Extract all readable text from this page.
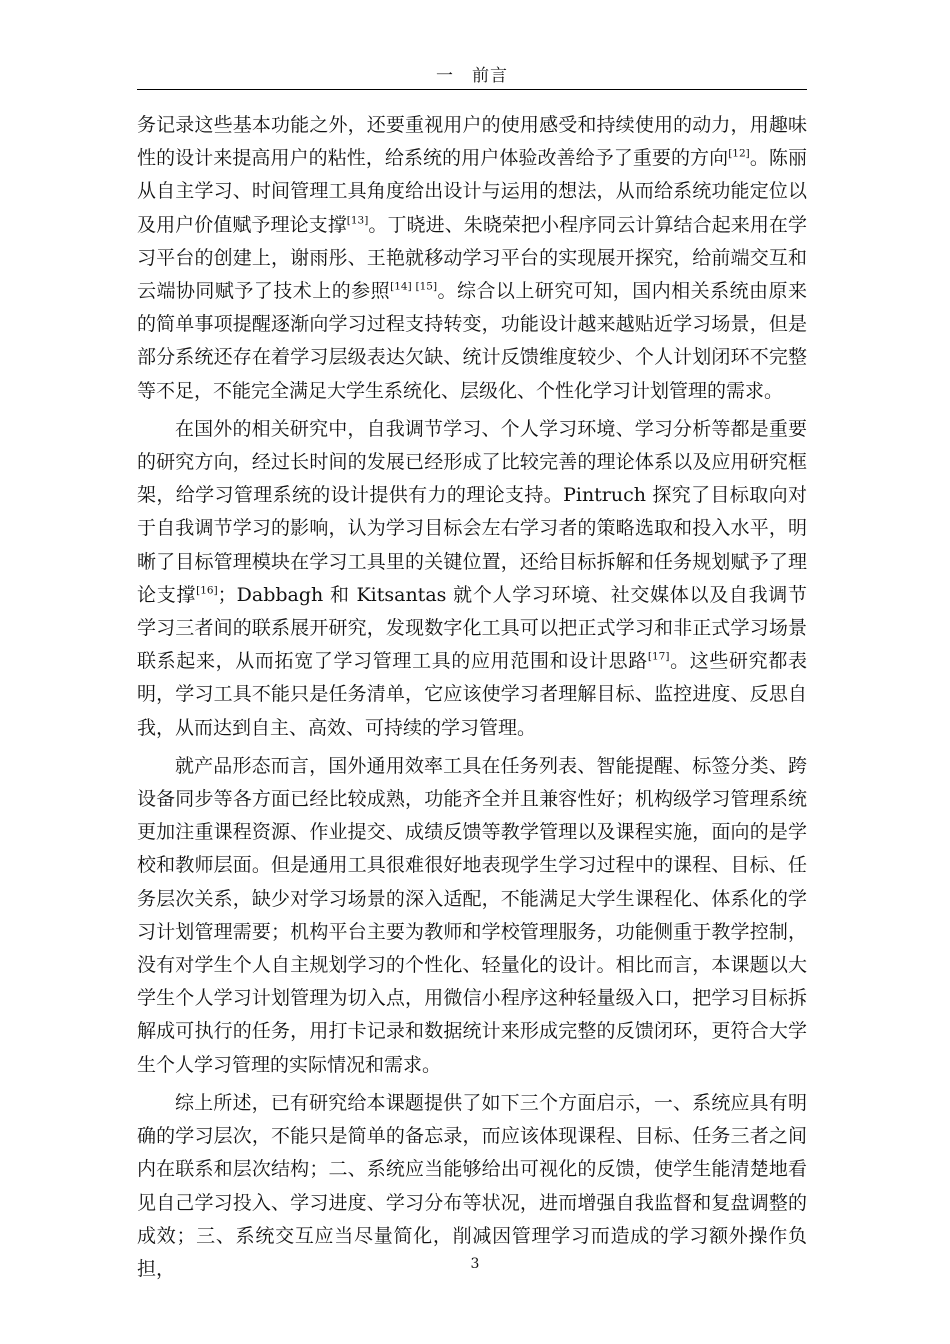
一　前言

务记录这些基本功能之外，还要重视用户的使用感受和持续使用的动力，用趣味性的设计来提高用户的粘性，给系统的用户体验改善给予了重要的方向[12]。陈丽从自主学习、时间管理工具角度给出设计与运用的想法，从而给系统功能定位以及用户价值赋予理论支撑[13]。丁晓进、朱晓荣把小程序同云计算结合起来用在学习平台的创建上，谢雨彤、王艳就移动学习平台的实现展开探究，给前端交互和云端协同赋予了技术上的参照[14] [15]。综合以上研究可知，国内相关系统由原来的简单事项提醒逐渐向学习过程支持转变，功能设计越来越贴近学习场景，但是部分系统还存在着学习层级表达欠缺、统计反馈维度较少、个人计划闭环不完整等不足，不能完全满足大学生系统化、层级化、个性化学习计划管理的需求。

在国外的相关研究中，自我调节学习、个人学习环境、学习分析等都是重要的研究方向，经过长时间的发展已经形成了比较完善的理论体系以及应用研究框架，给学习管理系统的设计提供有力的理论支持。Pintruch 探究了目标取向对于自我调节学习的影响，认为学习目标会左右学习者的策略选取和投入水平，明晰了目标管理模块在学习工具里的关键位置，还给目标拆解和任务规划赋予了理论支撑[16]；Dabbagh 和 Kitsantas 就个人学习环境、社交媒体以及自我调节学习三者间的联系展开研究，发现数字化工具可以把正式学习和非正式学习场景联系起来，从而拓宽了学习管理工具的应用范围和设计思路[17]。这些研究都表明，学习工具不能只是任务清单，它应该使学习者理解目标、监控进度、反思自我，从而达到自主、高效、可持续的学习管理。

就产品形态而言，国外通用效率工具在任务列表、智能提醒、标签分类、跨设备同步等各方面已经比较成熟，功能齐全并且兼容性好；机构级学习管理系统更加注重课程资源、作业提交、成绩反馈等教学管理以及课程实施，面向的是学校和教师层面。但是通用工具很难很好地表现学生学习过程中的课程、目标、任务层次关系，缺少对学习场景的深入适配，不能满足大学生课程化、体系化的学习计划管理需要；机构平台主要为教师和学校管理服务，功能侧重于教学控制，没有对学生个人自主规划学习的个性化、轻量化的设计。相比而言，本课题以大学生个人学习计划管理为切入点，用微信小程序这种轻量级入口，把学习目标拆解成可执行的任务，用打卡记录和数据统计来形成完整的反馈闭环，更符合大学生个人学习管理的实际情况和需求。

综上所述，已有研究给本课题提供了如下三个方面启示，一、系统应具有明确的学习层次，不能只是简单的备忘录，而应该体现课程、目标、任务三者之间内在联系和层次结构；二、系统应当能够给出可视化的反馈，使学生能清楚地看见自己学习投入、学习进度、学习分布等状况，进而增强自我监督和复盘调整的成效；三、系统交互应当尽量简化，削减因管理学习而造成的学习额外操作负担，	3
